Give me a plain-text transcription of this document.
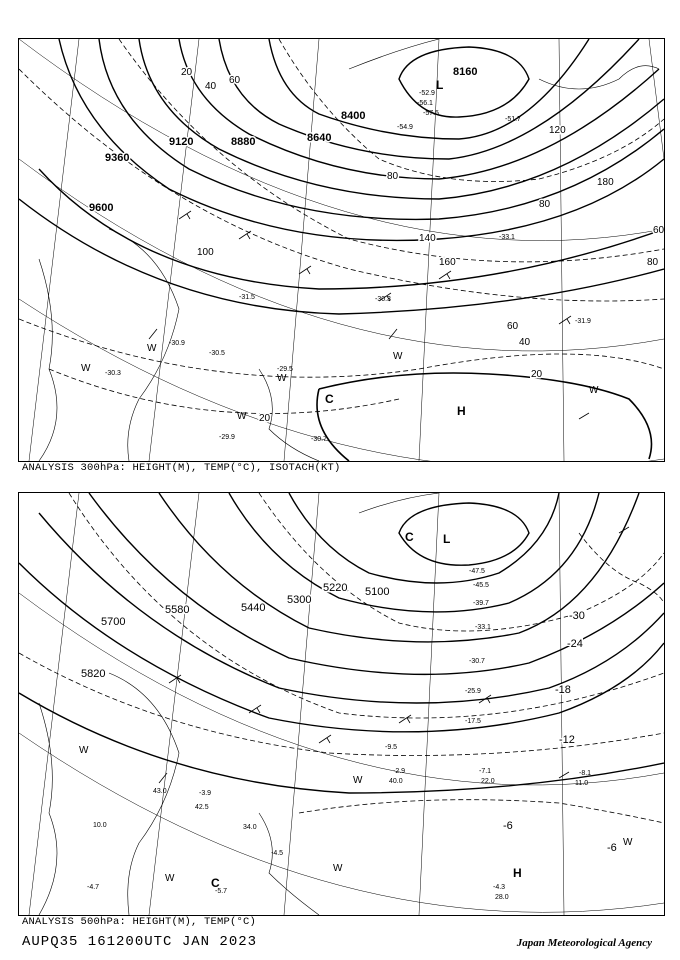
9600
9360
9120	8880	8640
8400
8160
20
40
60
80
100
120
140
160
180
60
40
20
20
60
80
80
-30.9
-30.5
-30.3
-29.5
-29.9	-30.7
-31.5
-51.7
-52.9
-57.5
-56.1
-54.9
-33.1
-30.3
-31.9
L
H
C
W
W
W
W
W
W
ANALYSIS 300hPa: HEIGHT(M), TEMP(°C), ISOTACH(KT)
5820
5700
5580	5440
5300
5220 5100
-30
-24
-18
-12
-6
-6
-47.5
-45.5
-39.7
-33.1
-30.7
-25.9
-17.5
-9.5
-7.1	-8.1
-2.9
-4.3
-3.9
-4.5
-5.7
-4.7
22.0	11.0
40.0
28.0
42.5
34.0
43.0
10.0
L
H
C
C
W
W
W
W
W
ANALYSIS 500hPa: HEIGHT(M), TEMP(°C)
AUPQ35 161200UTC JAN 2023	Japan Meteorological Agency
